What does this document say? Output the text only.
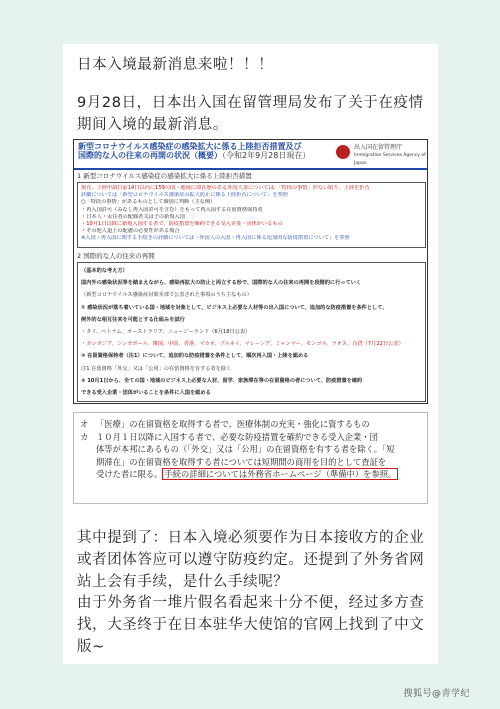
日本入境最新消息来啦！！！
9月28日，日本出入国在留管理局发布了关于在疫情期间入境的最新消息。
新型コロナウイルス感染症の感染拡大に係る上陸拒否措置及び
国際的な人の往来の再開の状況（概要）（令和2年9月28日現在）
出入国在留管理庁
Immigration Services Agency of Japan
1 新型コロナウイルス感染症の感染拡大に係る上陸拒否措置
現在、上陸申請日前14日以内に159の国・地域に滞在歴のある外国人等については、「特段の事情」がない限り、上陸を拒否
詳細については「新型コロナウイルス感染症の拡大防止に係る上陸拒否について」を参照
○「特段の事情」があるものとして個別に判断（主な例）
・再入国許可（みなし再入国許可を含む）をもって再入国する在留資格保持者
・日本人・永住者の配偶者又は子の新規入国
・10月1日以降に新規入国する者で、防疫措置を確約できる受入企業・団体がいるもの
・その他人道上の配慮の必要性がある場合
※入国・再入国に関する手続きの詳細については「外国人の入国・再入国に係る追加的な防疫措置について」を参照
2 国際的な人の往来の再開
（基本的な考え方）
国内外の感染状況等を踏まえながら、感染再拡大の防止と両立する形で、国際的な人の往来の再開を段階的に行っていく
（新型コロナウイルス感染症対策本部で公表された事項のうち主なもの）
① 感染状況が落ち着いている国・地域を対象として、ビジネス上必要な人材等の出入国について、追加的な防疫措置を条件として、
例外的な相互往来を可能とする仕組みを試行
・タイ、ベトナム、オーストラリア、ニュージーランド（6月18日公表）
・カンボジア、シンガポール、韓国、中国、香港、マカオ、ブルネイ、マレーシア、ミャンマー、モンゴル、ラオス、台湾（7月22日公表）
② 在留資格保持者（注1）について、追加的な防疫措置を条件として、順次再入国・上陸を認める
注1 在留資格「外交」又は「公用」の在留資格を有する者を除く
③ 10月1日から、全ての国・地域のビジネス上必要な人材、留学、家族滞在等の在留資格の者について、防疫措置を確約
できる受入企業・団体がいることを条件に入国を認める
オ 「医療」の在留資格を取得する者で、医療体制の充実・強化に資するもの
カ １０月１日以降に入国する者で、必要な防疫措置を確約できる受入企業・団
体等が本邦にあるもの（「外交」又は「公用」の在留資格を有する者を除く。「短
期滞在」の在留資格を取得する者については短期間の商用を目的として査証を
受けた者に限る。 手続の詳細については外務省ホームページ（準備中）を参照。
其中提到了：日本入境必须要作为日本接收方的企业或者团体答应可以遵守防疫约定。还提到了外务省网站上会有手续，是什么手续呢？
由于外务省一堆片假名看起来十分不便，经过多方查找，大圣终于在日本驻华大使馆的官网上找到了中文版~
搜狐号@青学纪
